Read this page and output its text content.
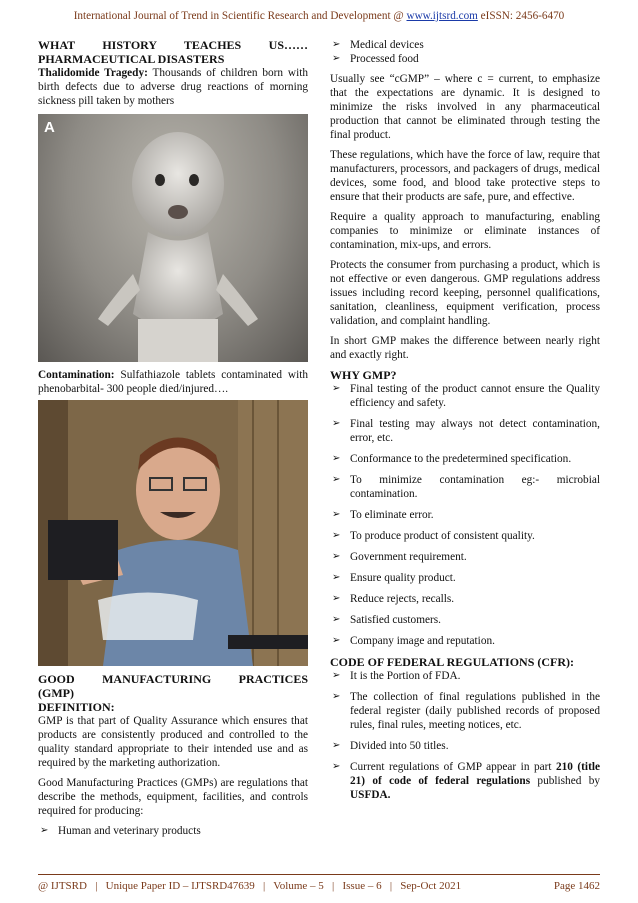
International Journal of Trend in Scientific Research and Development @ www.ijtsrd.com eISSN: 2456-6470
WHAT HISTORY TEACHES US……
PHARMACEUTICAL DISASTERS

Thalidomide Tragedy: Thousands of children born with birth defects due to adverse drug reactions of morning sickness pill taken by mothers

A

Contamination: Sulfathiazole tablets contaminated with phenobarbital- 300 people died/injured….

GOOD MANUFACTURING PRACTICES
(GMP)
DEFINITION:

GMP is that part of Quality Assurance which ensures that products are consistently produced and controlled to the quality standard appropriate to their intended use and as required by the marketing authorization.

Good Manufacturing Practices (GMPs) are regulations that describe the methods, equipment, facilities, and controls required for producing:

➢ Human and veterinary products
➢ Medical devices
➢ Processed food

Usually see “cGMP” – where c = current, to emphasize that the expectations are dynamic. It is designed to minimize the risks involved in any pharmaceutical production that cannot be eliminated through testing the final product.

These regulations, which have the force of law, require that manufacturers, processors, and packagers of drugs, medical devices, some food, and blood take protective steps to ensure that their products are safe, pure, and effective.

Require a quality approach to manufacturing, enabling companies to minimize or eliminate instances of contamination, mix-ups, and errors.

Protects the consumer from purchasing a product, which is not effective or even dangerous. GMP regulations address issues including record keeping, personnel qualifications, sanitation, cleanliness, equipment verification, process validation, and complaint handling.

In short GMP makes the difference between nearly right and exactly right.

WHY GMP?
➢ Final testing of the product cannot ensure the Quality efficiency and safety.
➢ Final testing may always not detect contamination, error, etc.
➢ Conformance to the predetermined specification.
➢ To minimize contamination eg:- microbial contamination.
➢ To eliminate error.
➢ To produce product of consistent quality.
➢ Government requirement.
➢ Ensure quality product.
➢ Reduce rejects, recalls.
➢ Satisfied customers.
➢ Company image and reputation.
CODE OF FEDERAL REGULATIONS (CFR):
➢ It is the Portion of FDA.
➢ The collection of final regulations published in the federal register (daily published records of proposed rules, final rules, meeting notices, etc.
➢ Divided into 50 titles.
➢ Current regulations of GMP appear in part 210 (title 21) of code of federal regulations published by USFDA.
@ IJTSRD   |   Unique Paper ID – IJTSRD47639   |   Volume – 5   |   Issue – 6   |   Sep-Oct 2021	Page 1462
